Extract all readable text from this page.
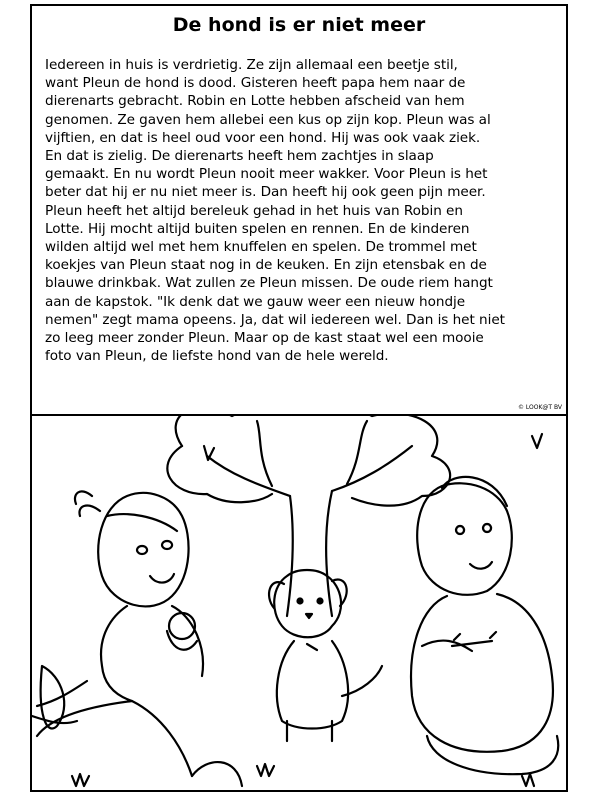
De hond is er niet meer
Iedereen in huis is verdrietig. Ze zijn allemaal een beetje stil,
want Pleun de hond is dood. Gisteren heeft papa hem naar de
dierenarts gebracht. Robin en Lotte hebben afscheid van hem
genomen. Ze gaven hem allebei een kus op zijn kop. Pleun was al
vijftien, en dat is heel oud voor een hond. Hij was ook vaak ziek.
En dat is zielig. De dierenarts heeft hem zachtjes in slaap
gemaakt. En nu wordt Pleun nooit meer wakker. Voor Pleun is het
beter dat hij er nu niet meer is. Dan heeft hij ook geen pijn meer.
Pleun heeft het altijd bereleuk gehad in het huis van Robin en
Lotte. Hij mocht altijd buiten spelen en rennen. En de kinderen
wilden altijd wel met hem knuffelen en spelen. De trommel met
koekjes van Pleun staat nog in de keuken. En zijn etensbak en de
blauwe drinkbak. Wat zullen ze Pleun missen. De oude riem hangt
aan de kapstok. "Ik denk dat we gauw weer een nieuw hondje
nemen" zegt mama opeens. Ja, dat wil iedereen wel. Dan is het niet
zo leeg meer zonder Pleun. Maar op de kast staat wel een mooie
foto van Pleun, de liefste hond van de hele wereld.
© LOOK@T BV
